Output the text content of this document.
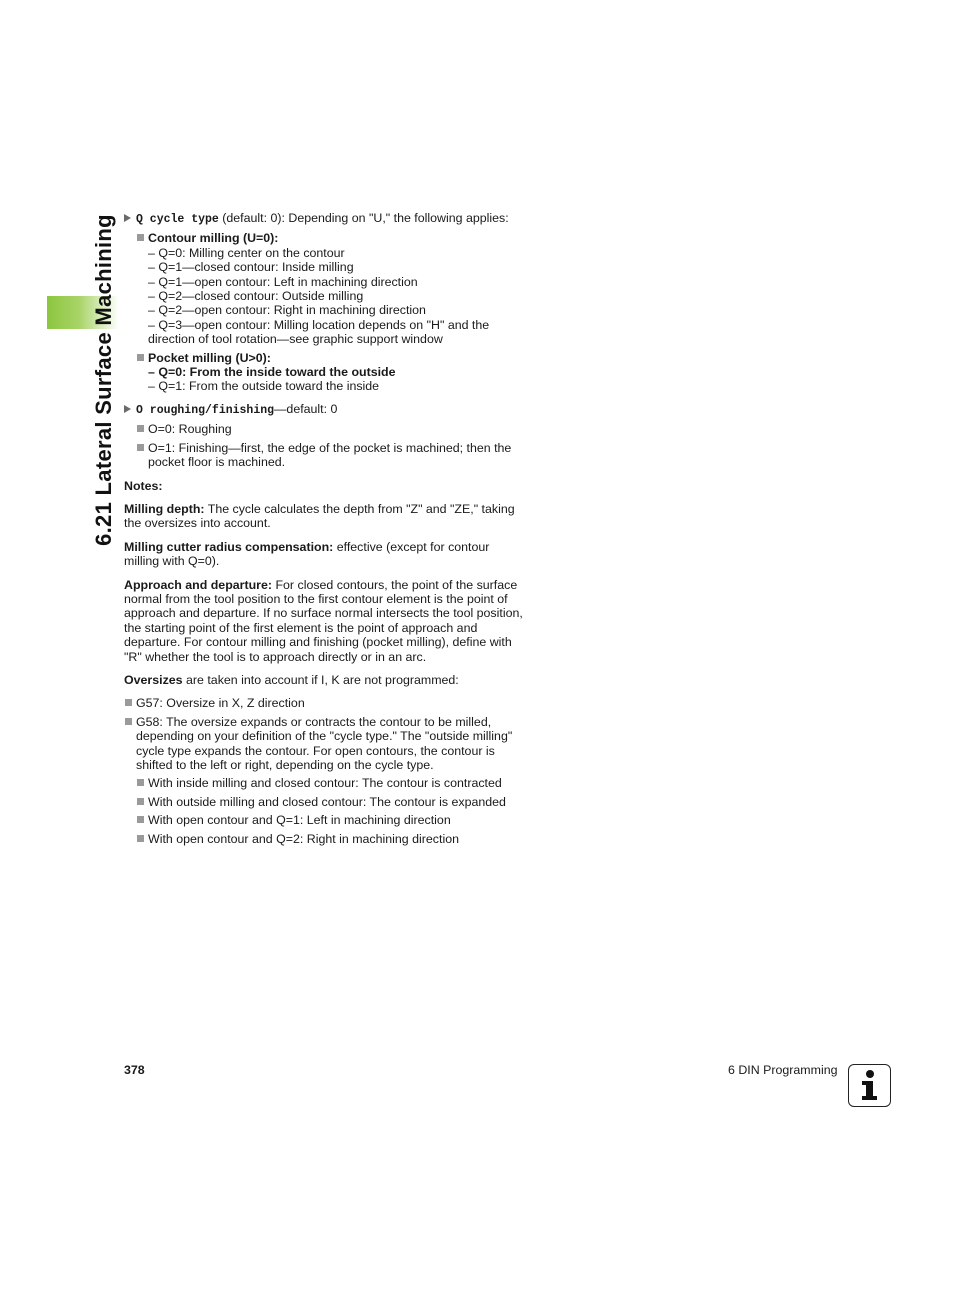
6.21 Lateral Surface Machining Q cycle type (default: 0): Depending on "U," the following applies:

Contour milling (U=0):

– Q=0: Milling center on the contour

– Q=1—closed contour: Inside milling

– Q=1—open contour: Left in machining direction

– Q=2—closed contour: Outside milling

– Q=2—open contour: Right in machining direction

– Q=3—open contour: Milling location depends on "H" and the

direction of tool rotation—see graphic support window

Pocket milling (U>0):

– Q=0: From the inside toward the outside

– Q=1: From the outside toward the inside

O roughing/finishing—default: 0

O=0: Roughing

O=1: Finishing—first, the edge of the pocket is machined; then the pocket floor is machined.

Notes:

Milling depth: The cycle calculates the depth from "Z" and "ZE," taking the oversizes into account.

Milling cutter radius compensation: effective (except for contour milling with Q=0).

Approach and departure: For closed contours, the point of the surface normal from the tool position to the first contour element is the point of approach and departure. If no surface normal intersects the tool position, the starting point of the first element is the point of approach and departure. For contour milling and finishing (pocket milling), define with "R" whether the tool is to approach directly or in an arc.

Oversizes are taken into account if I, K are not programmed:

G57: Oversize in X, Z direction

G58: The oversize expands or contracts the contour to be milled, depending on your definition of the "cycle type." The "outside milling" cycle type expands the contour. For open contours, the contour is shifted to the left or right, depending on the cycle type.

With inside milling and closed contour: The contour is contracted

With outside milling and closed contour: The contour is expanded

With open contour and Q=1: Left in machining direction

With open contour and Q=2: Right in machining direction

378	6 DIN Programming
